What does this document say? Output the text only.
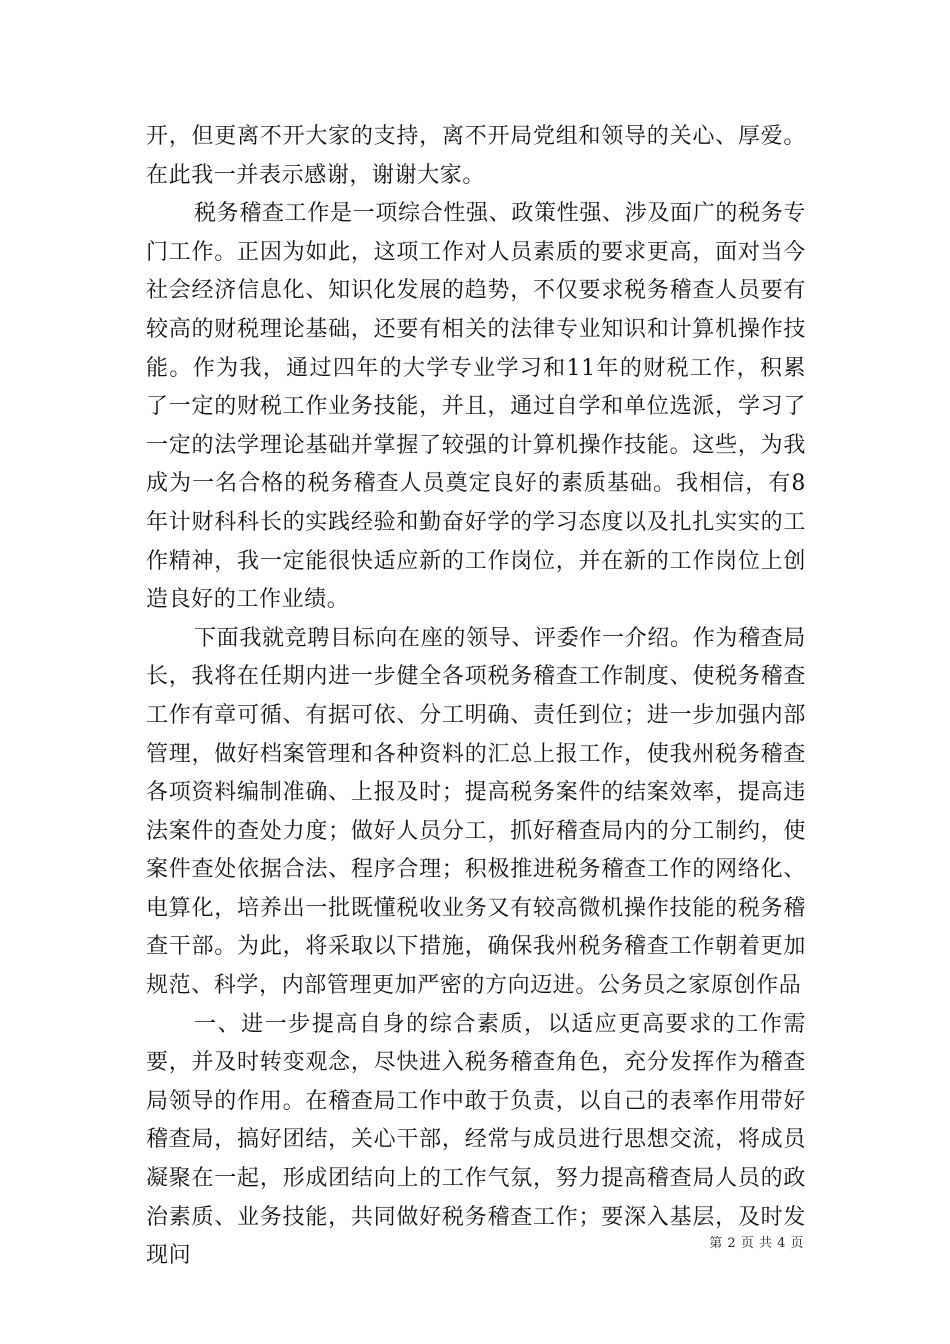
开，但更离不开大家的支持，离不开局党组和领导的关心、厚爱。在此我一并表示感谢，谢谢大家。

税务稽查工作是一项综合性强、政策性强、涉及面广的税务专门工作。正因为如此，这项工作对人员素质的要求更高，面对当今社会经济信息化、知识化发展的趋势，不仅要求税务稽查人员要有较高的财税理论基础，还要有相关的法律专业知识和计算机操作技能。作为我，通过四年的大学专业学习和11年的财税工作，积累了一定的财税工作业务技能，并且，通过自学和单位选派，学习了一定的法学理论基础并掌握了较强的计算机操作技能。这些，为我成为一名合格的税务稽查人员奠定良好的素质基础。我相信，有8年计财科科长的实践经验和勤奋好学的学习态度以及扎扎实实的工作精神，我一定能很快适应新的工作岗位，并在新的工作岗位上创造良好的工作业绩。

下面我就竞聘目标向在座的领导、评委作一介绍。作为稽查局长，我将在任期内进一步健全各项税务稽查工作制度、使税务稽查工作有章可循、有据可依、分工明确、责任到位；进一步加强内部管理，做好档案管理和各种资料的汇总上报工作，使我州税务稽查各项资料编制准确、上报及时；提高税务案件的结案效率，提高违法案件的查处力度；做好人员分工，抓好稽查局内的分工制约，使案件查处依据合法、程序合理；积极推进税务稽查工作的网络化、电算化，培养出一批既懂税收业务又有较高微机操作技能的税务稽查干部。为此，将采取以下措施，确保我州税务稽查工作朝着更加规范、科学，内部管理更加严密的方向迈进。公务员之家原创作品

一、进一步提高自身的综合素质，以适应更高要求的工作需要，并及时转变观念，尽快进入税务稽查角色，充分发挥作为稽查局领导的作用。在稽查局工作中敢于负责，以自己的表率作用带好稽查局，搞好团结，关心干部，经常与成员进行思想交流，将成员凝聚在一起，形成团结向上的工作气氛，努力提高稽查局人员的政治素质、业务技能，共同做好税务稽查工作；要深入基层，及时发现问	第 2 页 共 4 页
